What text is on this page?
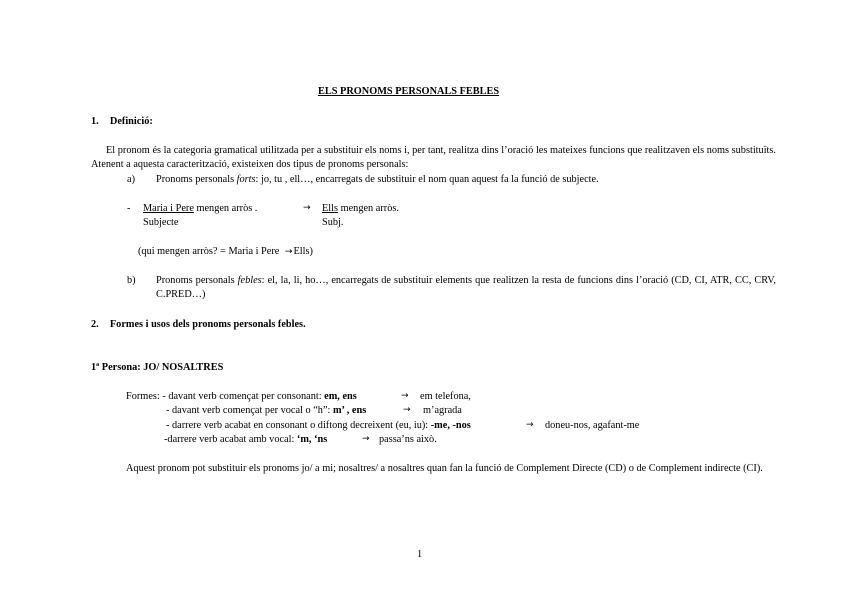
ELS PRONOMS PERSONALS FEBLES
1. Definició:
El pronom és la categoria gramatical utilitzada per a substituir els noms i, per tant, realitza dins l’oració les mateixes funcions que realitzaven els noms substituïts. Atenent a aquesta caracterització, existeixen dos tipus de pronoms personals:
a) Pronoms personals forts: jo, tu , ell…, encarregats de substituir el nom quan aquest fa la funció de subjecte.
- Maria i Pere mengen arròs .	→ Ells mengen arròs.
Subjecte	Subj.
(qui mengen arròs? = Maria i Pere →Ells)
b) Pronoms personals febles: el, la, li, ho…, encarregats de substituir elements que realitzen la resta de funcions dins l’oració (CD, CI, ATR, CC, CRV, C.PRED…)
2. Formes i usos dels pronoms personals febles.
1ª Persona: JO/ NOSALTRES
Formes: - davant verb començat per consonant: em, ens	→ em telefona,
- davant verb començat per vocal o “h”: m’ , ens	→ m’agrada
- darrere verb acabat en consonant o diftong decreixent (eu, iu): -me, -nos	→ doneu-nos, agafant-me
-darrere verb acabat amb vocal: ‘m, ‘ns	→ passa’ns això.
Aquest pronom pot substituir els pronoms jo/ a mi; nosaltres/ a nosaltres quan fan la funció de Complement Directe (CD) o de Complement indirecte (CI).
1
